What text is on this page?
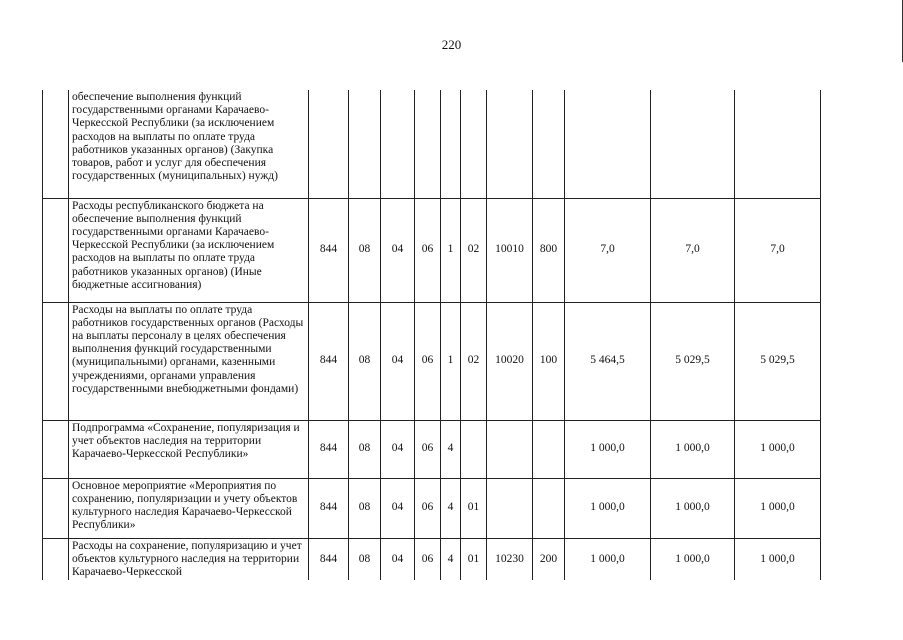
220
	обеспечение выполнения функций государственными органами Карачаево-Черкесской Республики (за исключением расходов на выплаты по оплате труда работников указанных органов) (Закупка товаров, работ и услуг для обеспечения государственных (муниципальных) нужд)											
	Расходы республиканского бюджета на обеспечение выполнения функций государственными органами Карачаево-Черкесской Республики (за исключением расходов на выплаты по оплате труда работников указанных органов) (Иные бюджетные ассигнования)	844	08	04	06	1	02	10010	800	7,0	7,0	7,0
	Расходы на выплаты по оплате труда работников государственных органов (Расходы на выплаты персоналу в целях обеспечения выполнения функций государственными (муниципальными) органами, казенными учреждениями, органами управления государственными внебюджетными фондами)	844	08	04	06	1	02	10020	100	5 464,5	5 029,5	5 029,5
	Подпрограмма «Сохранение, популяризация и учет объектов наследия на территории Карачаево-Черкесской Республики»	844	08	04	06	4				1 000,0	1 000,0	1 000,0
	Основное мероприятие «Мероприятия по сохранению, популяризации и учету объектов культурного наследия Карачаево-Черкесской Республики»	844	08	04	06	4	01			1 000,0	1 000,0	1 000,0
	Расходы на сохранение, популяризацию и учет объектов культурного наследия на территории Карачаево-Черкесской	844	08	04	06	4	01	10230	200	1 000,0	1 000,0	1 000,0
